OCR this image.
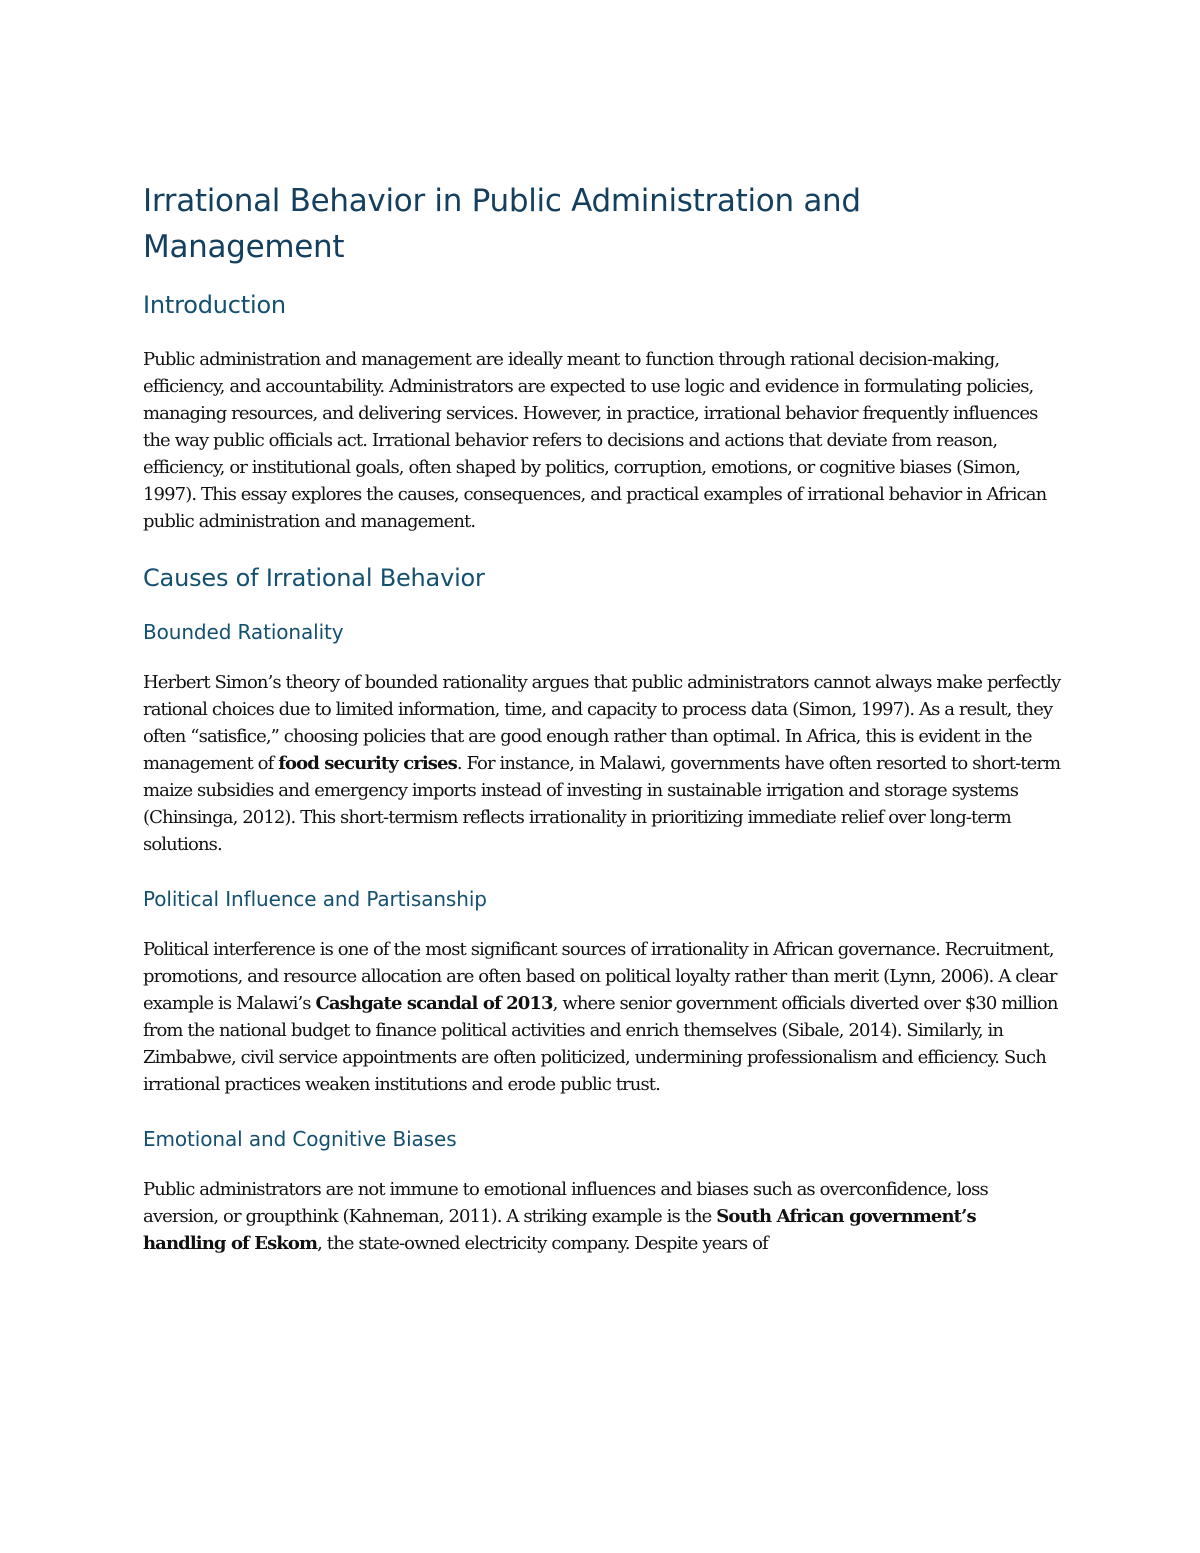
Irrational Behavior in Public Administration and Management
Introduction

Public administration and management are ideally meant to function through rational decision-making, efficiency, and accountability. Administrators are expected to use logic and evidence in formulating policies, managing resources, and delivering services. However, in practice, irrational behavior frequently influences the way public officials act. Irrational behavior refers to decisions and actions that deviate from reason, efficiency, or institutional goals, often shaped by politics, corruption, emotions, or cognitive biases (Simon, 1997). This essay explores the causes, consequences, and practical examples of irrational behavior in African public administration and management.

Causes of Irrational Behavior
Bounded Rationality

Herbert Simon’s theory of bounded rationality argues that public administrators cannot always make perfectly rational choices due to limited information, time, and capacity to process data (Simon, 1997). As a result, they often “satisfice,” choosing policies that are good enough rather than optimal. In Africa, this is evident in the management of food security crises. For instance, in Malawi, governments have often resorted to short-term maize subsidies and emergency imports instead of investing in sustainable irrigation and storage systems (Chinsinga, 2012). This short-termism reflects irrationality in prioritizing immediate relief over long-term solutions.

Political Influence and Partisanship

Political interference is one of the most significant sources of irrationality in African governance. Recruitment, promotions, and resource allocation are often based on political loyalty rather than merit (Lynn, 2006). A clear example is Malawi’s Cashgate scandal of 2013, where senior government officials diverted over $30 million from the national budget to finance political activities and enrich themselves (Sibale, 2014). Similarly, in Zimbabwe, civil service appointments are often politicized, undermining professionalism and efficiency. Such irrational practices weaken institutions and erode public trust.

Emotional and Cognitive Biases

Public administrators are not immune to emotional influences and biases such as overconfidence, loss aversion, or groupthink (Kahneman, 2011). A striking example is the South African government’s handling of Eskom, the state-owned electricity company. Despite years of
